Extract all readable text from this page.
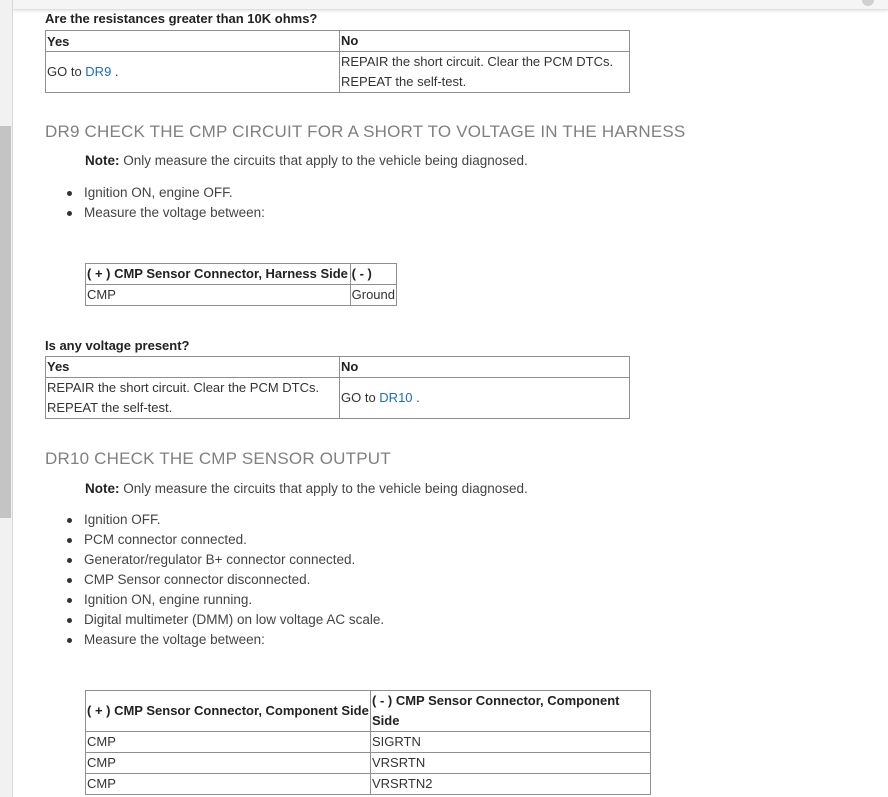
Are the resistances greater than 10K ohms?
Yes	No
GO to DR9 .	REPAIR the short circuit. Clear the PCM DTCs.
REPEAT the self-test.
DR9 CHECK THE CMP CIRCUIT FOR A SHORT TO VOLTAGE IN THE HARNESS
Note: Only measure the circuits that apply to the vehicle being diagnosed.
Ignition ON, engine OFF.
Measure the voltage between:
( + ) CMP Sensor Connector, Harness Side	( - )
CMP	Ground
Is any voltage present?
Yes	No

REPAIR the short circuit. Clear the PCM DTCs.
REPEAT the self-test.	GO to DR10 .
DR10 CHECK THE CMP SENSOR OUTPUT
Note: Only measure the circuits that apply to the vehicle being diagnosed.
Ignition OFF.
PCM connector connected.
Generator/regulator B+ connector connected.
CMP Sensor connector disconnected.
Ignition ON, engine running.
Digital multimeter (DMM) on low voltage AC scale.
Measure the voltage between:
( + ) CMP Sensor Connector, Component Side	( - ) CMP Sensor Connector, Component Side
CMP	SIGRTN
CMP	VRSRTN
CMP	VRSRTN2
